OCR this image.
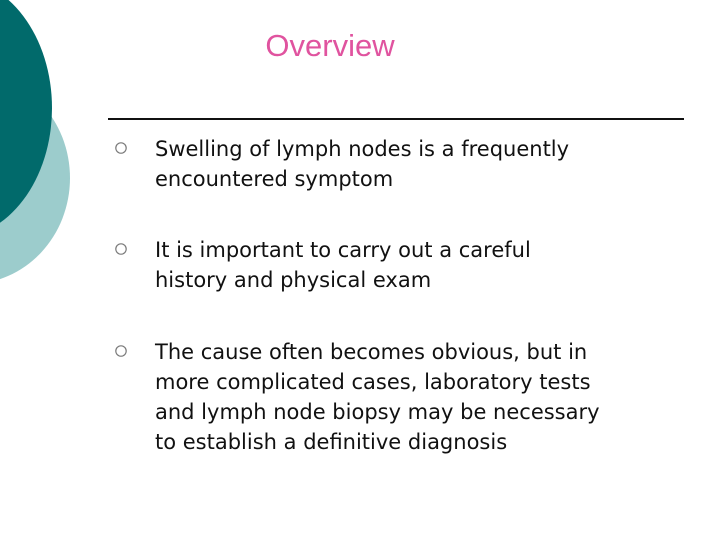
Overview
Swelling of lymph nodes is a frequently
encountered symptom
It is important to carry out a careful
history and physical exam
The cause often becomes obvious, but in
more complicated cases, laboratory tests
and lymph node biopsy may be necessary
to establish a definitive diagnosis
